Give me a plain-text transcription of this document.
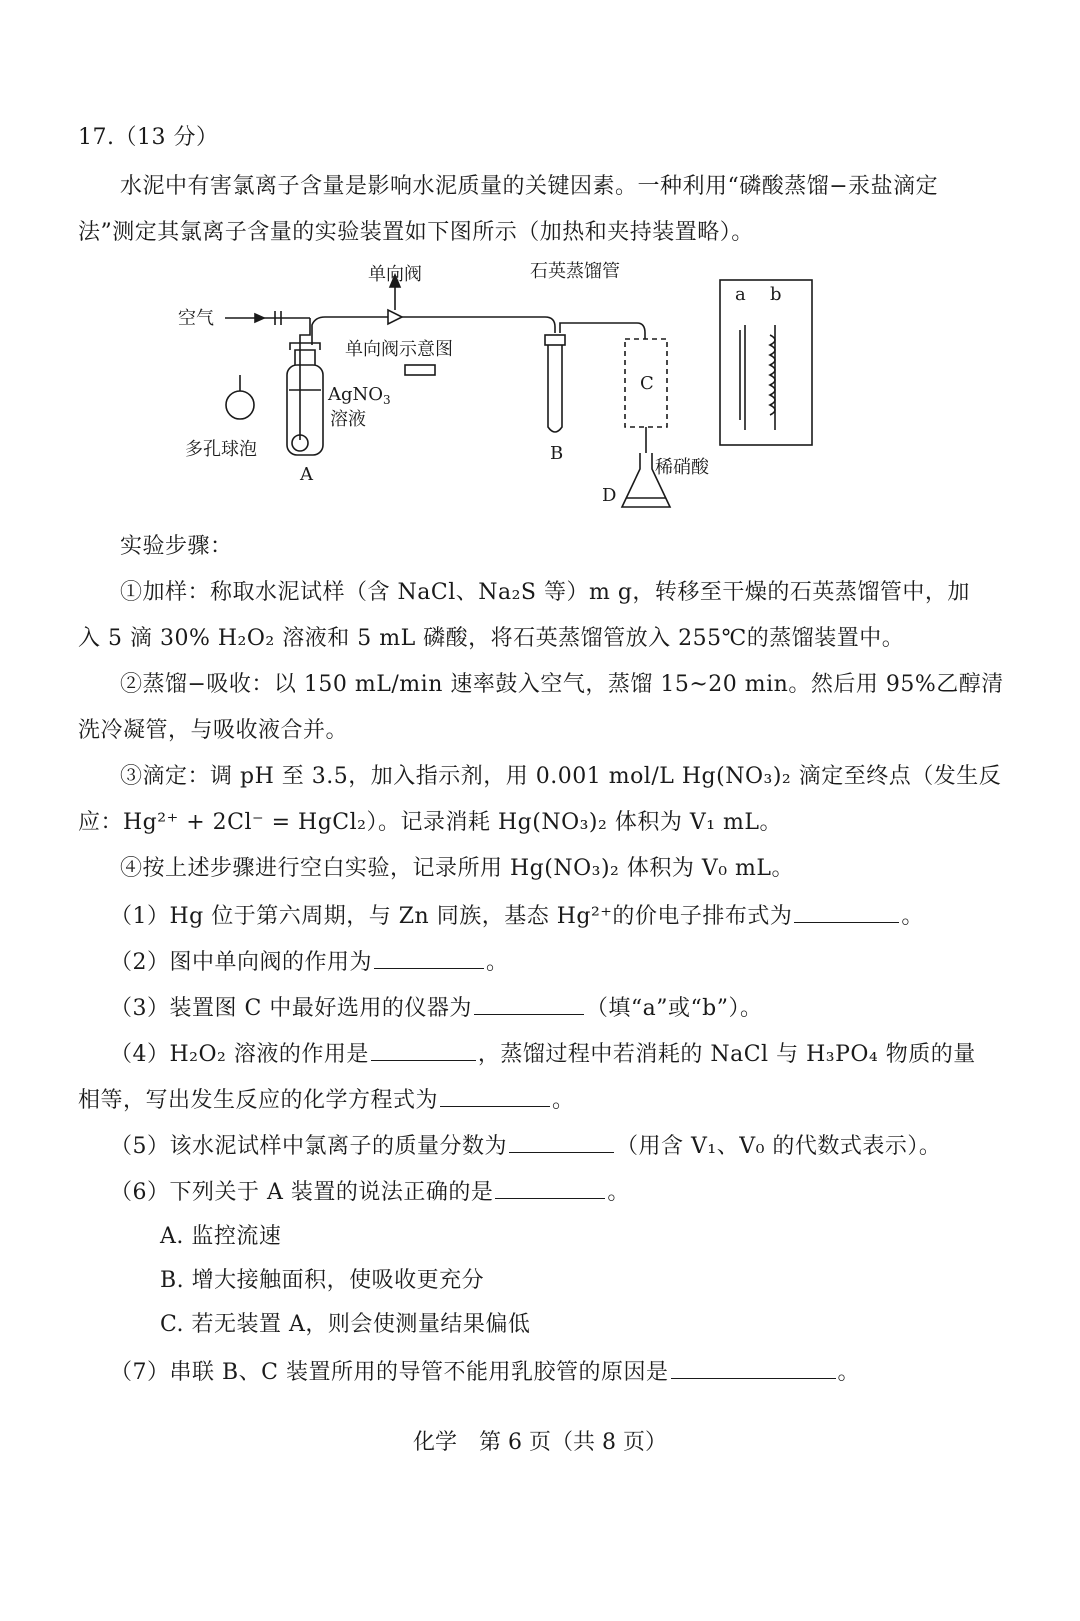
17.（13 分）
水泥中有害氯离子含量是影响水泥质量的关键因素。一种利用“磷酸蒸馏−汞盐滴定
法”测定其氯离子含量的实验装置如下图所示（加热和夹持装置略）。
空气
单向阀
单向阀示意图
石英蒸馏管
AgNO$_3$
溶液
多孔球泡
A
B
C
D
稀硝酸
a b
实验步骤：
①加样：称取水泥试样（含 NaCl、Na₂S 等）m g，转移至干燥的石英蒸馏管中，加
入 5 滴 30% H₂O₂ 溶液和 5 mL 磷酸，将石英蒸馏管放入 255℃的蒸馏装置中。
②蒸馏−吸收：以 150 mL/min 速率鼓入空气，蒸馏 15~20 min。然后用 95%乙醇清
洗冷凝管，与吸收液合并。
③滴定：调 pH 至 3.5，加入指示剂，用 0.001 mol/L Hg(NO₃)₂ 滴定至终点（发生反
应：Hg²⁺ + 2Cl⁻ = HgCl₂）。记录消耗 Hg(NO₃)₂ 体积为 V₁ mL。
④按上述步骤进行空白实验，记录所用 Hg(NO₃)₂ 体积为 V₀ mL。
（1）Hg 位于第六周期，与 Zn 同族，基态 Hg²⁺的价电子排布式为	。
（2）图中单向阀的作用为	。
（3）装置图 C 中最好选用的仪器为	（填“a”或“b”）。
（4）H₂O₂ 溶液的作用是	，蒸馏过程中若消耗的 NaCl 与 H₃PO₄ 物质的量
相等，写出发生反应的化学方程式为	。
（5）该水泥试样中氯离子的质量分数为	（用含 V₁、V₀ 的代数式表示）。
（6）下列关于 A 装置的说法正确的是	。
A. 监控流速
B. 增大接触面积，使吸收更充分
C. 若无装置 A，则会使测量结果偏低
（7）串联 B、C 装置所用的导管不能用乳胶管的原因是	。
化学　第 6 页（共 8 页）
